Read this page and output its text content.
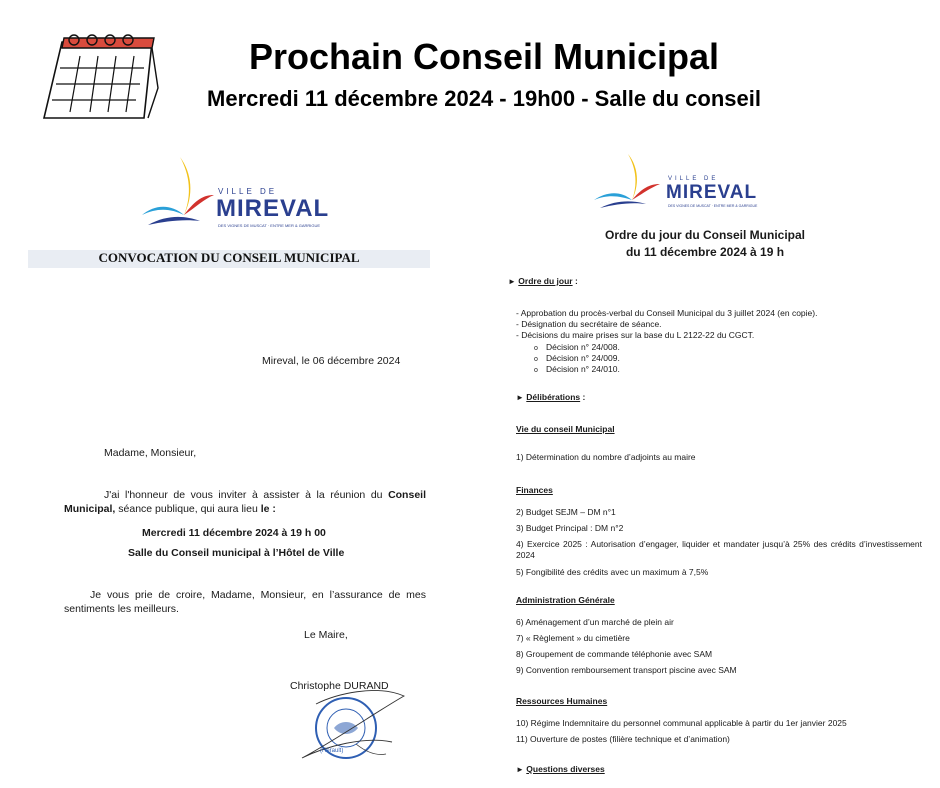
Prochain Conseil Municipal
Mercredi 11 décembre 2024 - 19h00 - Salle du conseil
VILLE DE
MIREVAL
DES VIGNES DE MUSCAT · ENTRE MER & GARRIGUE
CONVOCATION DU CONSEIL MUNICIPAL
Mireval, le 06 décembre 2024
Madame, Monsieur,
J'ai l'honneur de vous inviter à assister à la réunion du Conseil Municipal, séance publique, qui aura lieu le :
Mercredi 11 décembre 2024 à 19 h 00
Salle du Conseil municipal à l’Hôtel de Ville
Je vous prie de croire, Madame, Monsieur, en l’assurance de mes sentiments les meilleurs.
Le Maire,
Christophe DURAND
(Hérault)
VILLE DE
MIREVAL
DES VIGNES DE MUSCAT · ENTRE MER & GARRIGUE
Ordre du jour du Conseil Municipal
du 11 décembre 2024 à 19 h
► Ordre du jour :
- Approbation du procès-verbal du Conseil Municipal du 3 juillet 2024 (en copie).
- Désignation du secrétaire de séance.
- Décisions du maire prises sur la base du L 2122-22 du CGCT.
o Décision n° 24/008.
o Décision n° 24/009.
o Décision n° 24/010.
► Délibérations :
Vie du conseil Municipal
1) Détermination du nombre d’adjoints au maire
Finances
2) Budget SEJM – DM n°1
3) Budget Principal : DM n°2
4) Exercice 2025 : Autorisation d’engager, liquider et mandater jusqu’à 25% des crédits d’investissement 2024
5) Fongibilité des crédits avec un maximum à 7,5%
Administration Générale
6) Aménagement d’un marché de plein air
7) « Règlement » du cimetière
8) Groupement de commande téléphonie avec SAM
9) Convention remboursement transport piscine avec SAM
Ressources Humaines
10) Régime Indemnitaire du personnel communal applicable à partir du 1er janvier 2025
11) Ouverture de postes (filière technique et d’animation)
► Questions diverses
